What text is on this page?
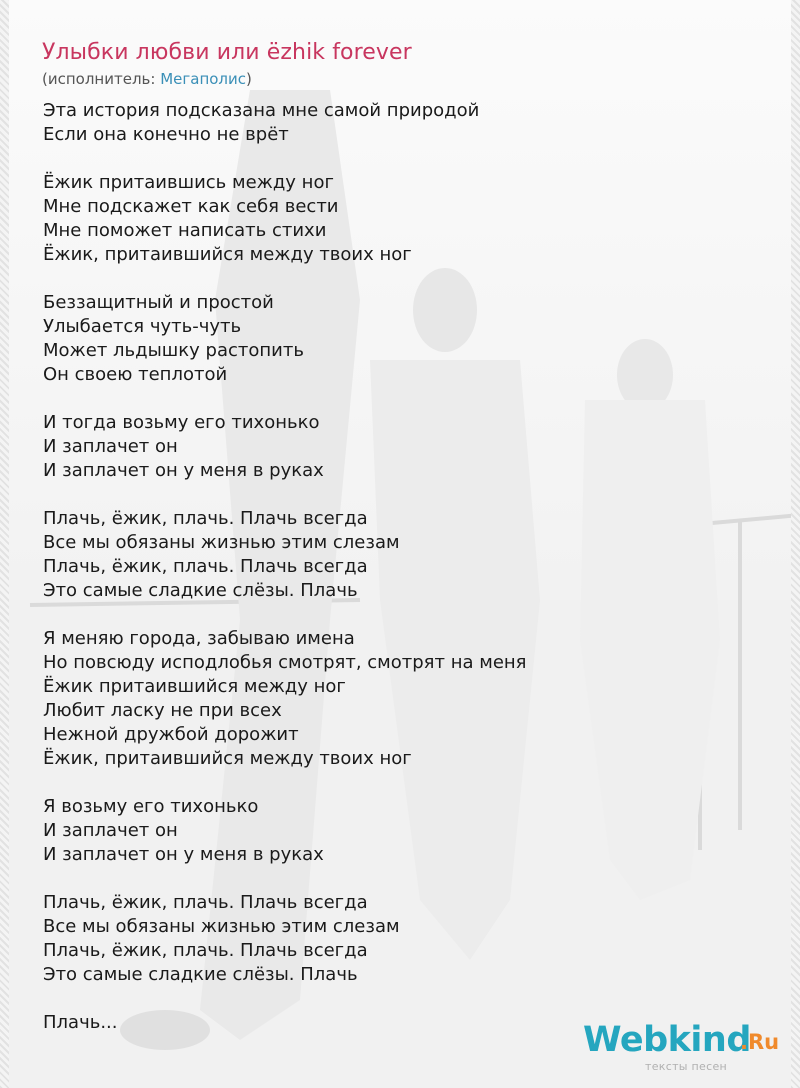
Улыбки любви или ёzhik forever
(исполнитель: Мегаполис)
Эта история подсказана мне самой природой
Если она конечно не врёт
Ёжик притаившись между ног
Мне подскажет как себя вести
Мне поможет написать стихи
Ёжик, притаившийся между твоих ног
Беззащитный и простой
Улыбается чуть-чуть
Может льдышку растопить
Он своею теплотой
И тогда возьму его тихонько
И заплачет он
И заплачет он у меня в руках
Плачь, ёжик, плачь. Плачь всегда
Все мы обязаны жизнью этим слезам
Плачь, ёжик, плачь. Плачь всегда
Это самые сладкие слёзы. Плачь
Я меняю города, забываю имена
Но повсюду исподлобья смотрят, смотрят на меня
Ёжик притаившийся между ног
Любит ласку не при всех
Нежной дружбой дорожит
Ёжик, притаившийся между твоих ног
Я возьму его тихонько
И заплачет он
И заплачет он у меня в руках
Плачь, ёжик, плачь. Плачь всегда
Все мы обязаны жизнью этим слезам
Плачь, ёжик, плачь. Плачь всегда
Это самые сладкие слёзы. Плачь
Плачь...	Webkind
.Ru
тексты песен
